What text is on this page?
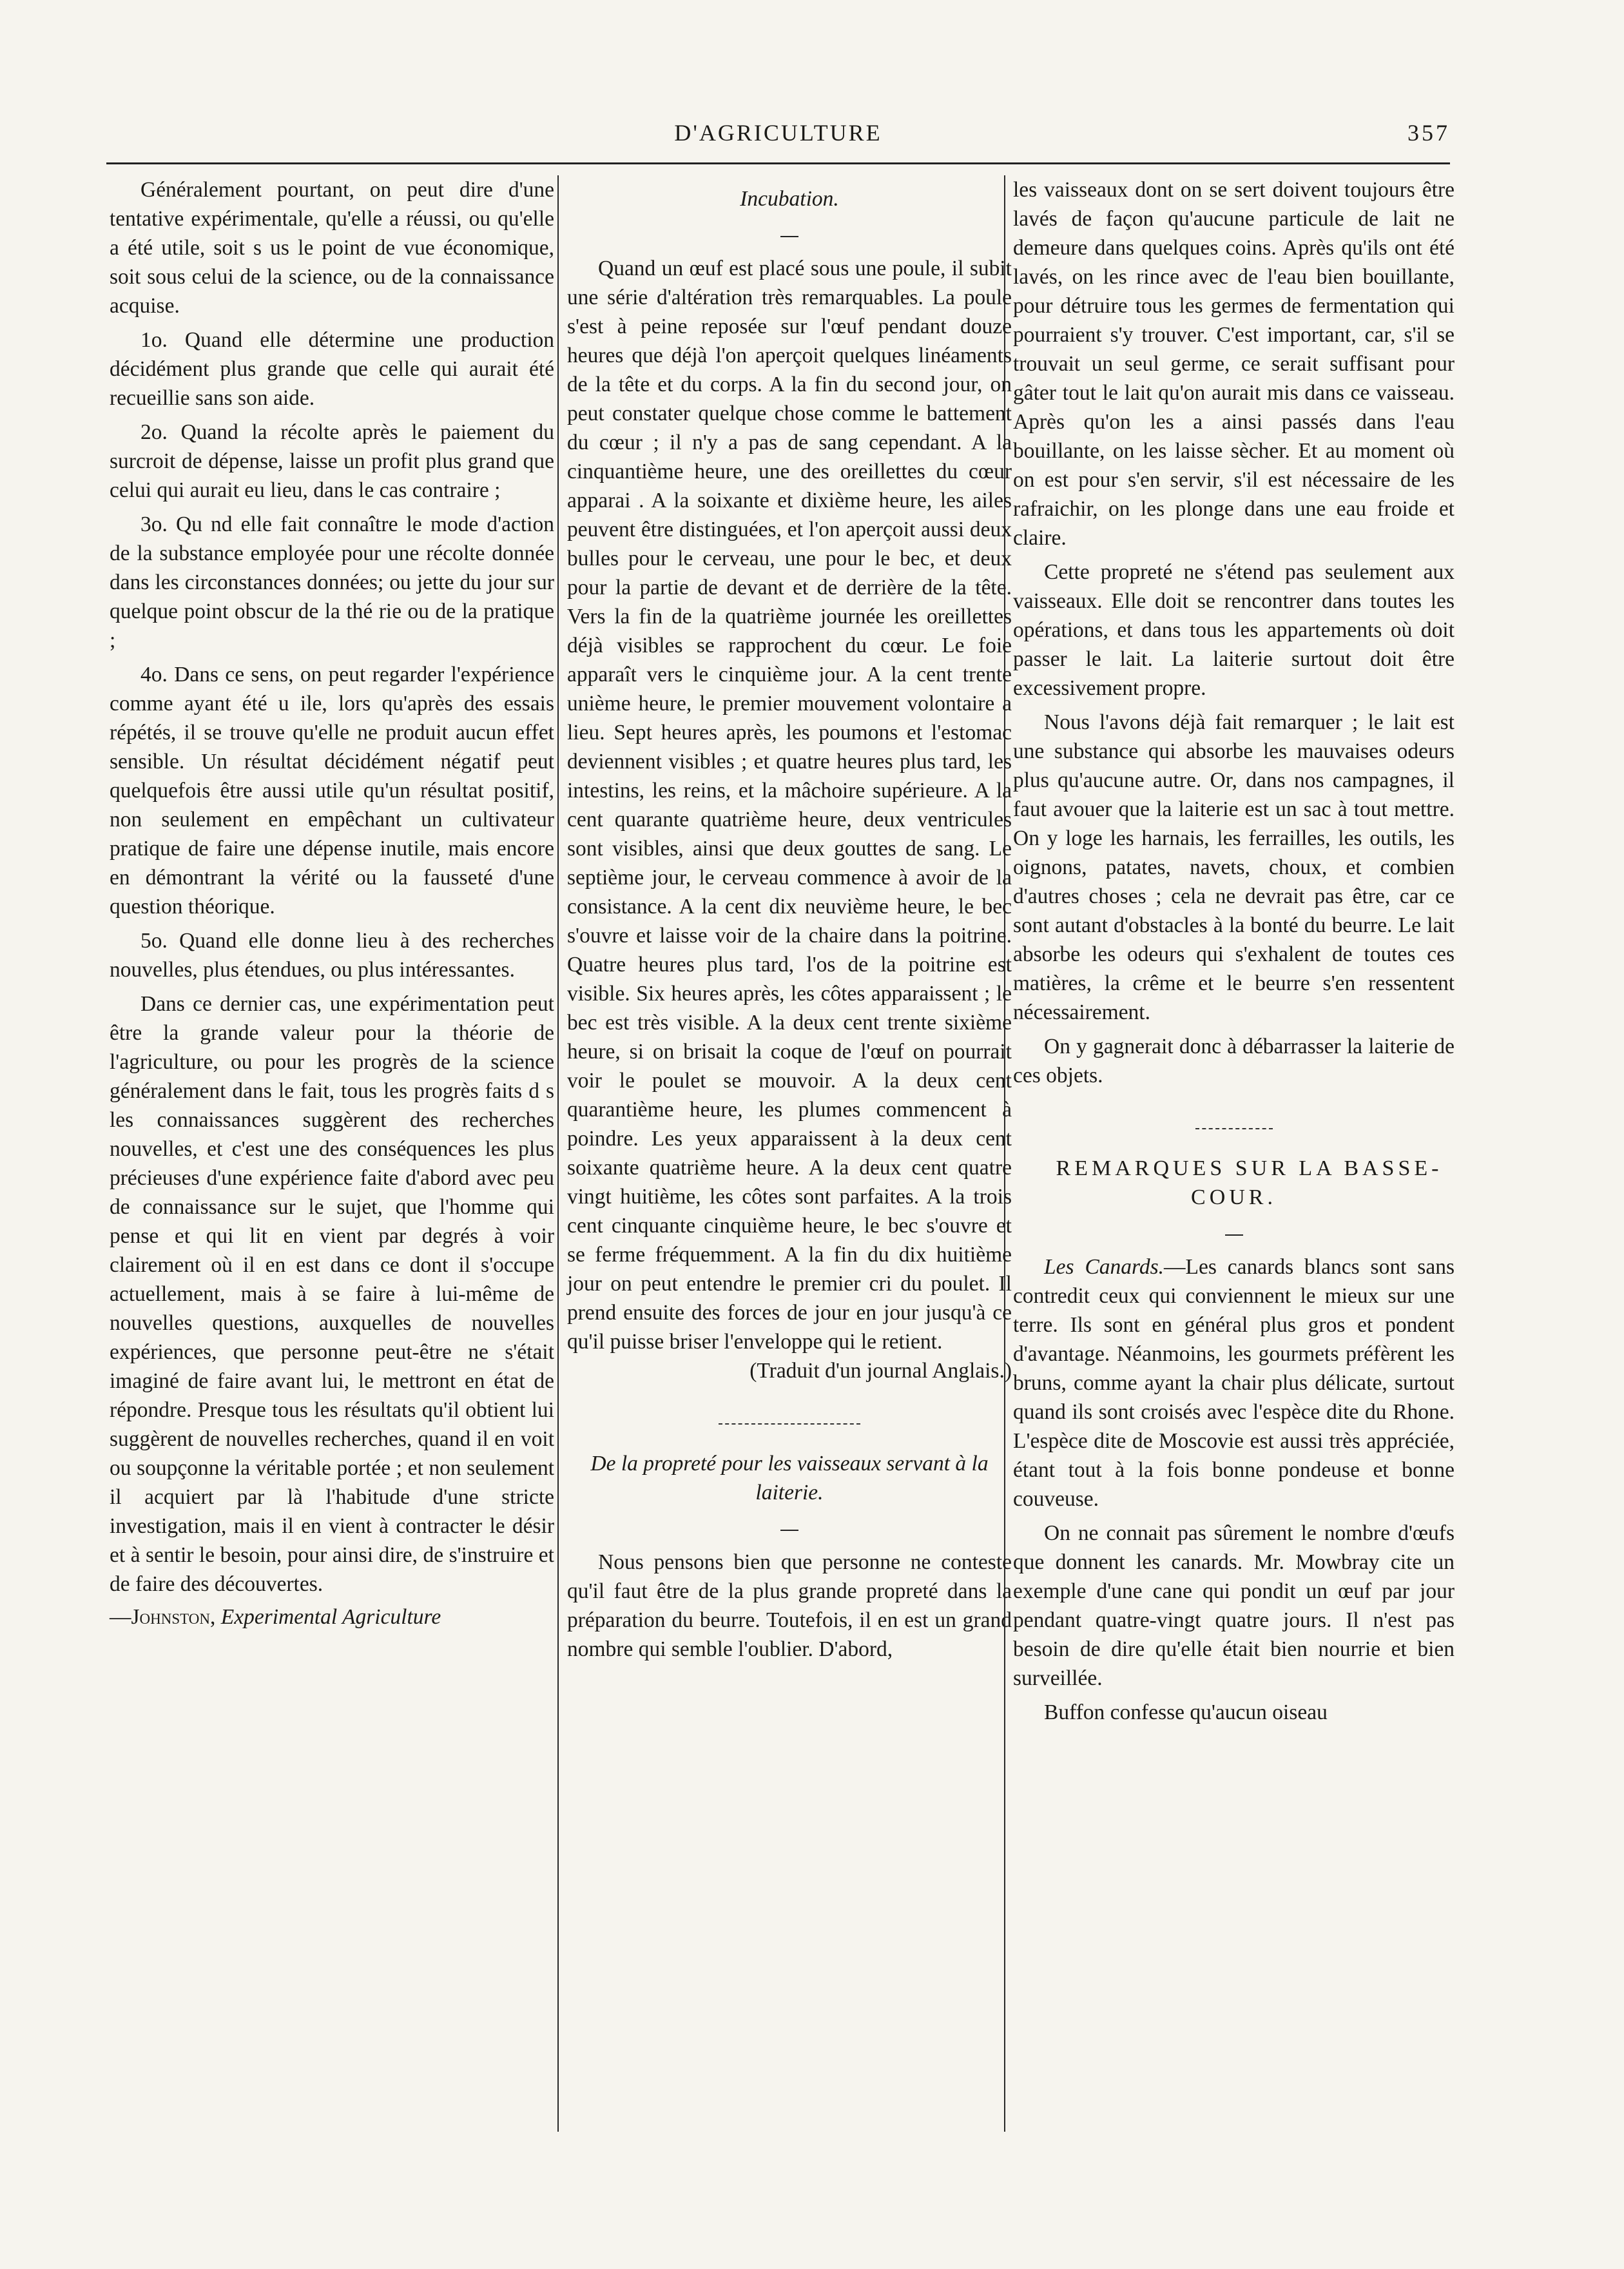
D'AGRICULTURE	357

Généralement pourtant, on peut dire d'une tentative expérimentale, qu'elle a réussi, ou qu'elle a été utile, soit s us le point de vue économique, soit sous celui de la science, ou de la connaissance acquise.

1o. Quand elle détermine une production décidément plus grande que celle qui aurait été recueillie sans son aide.

2o. Quand la récolte après le paiement du surcroit de dépense, laisse un profit plus grand que celui qui aurait eu lieu, dans le cas contraire ;

3o. Qu nd elle fait connaître le mode d'action de la substance employée pour une récolte donnée dans les circonstances données; ou jette du jour sur quelque point obscur de la thé rie ou de la pratique ;

4o. Dans ce sens, on peut regarder l'expérience comme ayant été u ile, lors qu'après des essais répétés, il se trouve qu'elle ne produit aucun effet sensible. Un résultat décidément négatif peut quelquefois être aussi utile qu'un résultat positif, non seulement en empêchant un cultivateur pratique de faire une dépense inutile, mais encore en démontrant la vérité ou la fausseté d'une question théorique.

5o. Quand elle donne lieu à des recherches nouvelles, plus étendues, ou plus intéressantes.

Dans ce dernier cas, une expérimentation peut être la grande valeur pour la théorie de l'agriculture, ou pour les progrès de la science généralement dans le fait, tous les progrès faits d s les connaissances suggèrent des recherches nouvelles, et c'est une des conséquences les plus précieuses d'une expérience faite d'abord avec peu de connaissance sur le sujet, que l'homme qui pense et qui lit en vient par degrés à voir clairement où il en est dans ce dont il s'occupe actuellement, mais à se faire à lui-même de nouvelles questions, auxquelles de nouvelles expériences, que personne peut-être ne s'était imaginé de faire avant lui, le mettront en état de répondre. Presque tous les résultats qu'il obtient lui suggèrent de nouvelles recherches, quand il en voit ou soupçonne la véritable portée ; et non seulement il acquiert par là l'habitude d'une stricte investigation, mais il en vient à contracter le désir et à sentir le besoin, pour ainsi dire, de s'instruire et de faire des découvertes.

—Johnston, Experimental Agriculture

Incubation.

Quand un œuf est placé sous une poule, il subit une série d'altération très remarquables. La poule s'est à peine reposée sur l'œuf pendant douze heures que déjà l'on aperçoit quelques linéaments de la tête et du corps. A la fin du second jour, on peut constater quelque chose comme le battement du cœur ; il n'y a pas de sang cependant. A la cinquantième heure, une des oreillettes du cœur apparai . A la soixante et dixième heure, les ailes peuvent être distinguées, et l'on aperçoit aussi deux bulles pour le cerveau, une pour le bec, et deux pour la partie de devant et de derrière de la tête. Vers la fin de la quatrième journée les oreillettes déjà visibles se rapprochent du cœur. Le foie apparaît vers le cinquième jour. A la cent trente unième heure, le premier mouvement volontaire a lieu. Sept heures après, les poumons et l'estomac deviennent visibles ; et quatre heures plus tard, les intestins, les reins, et la mâchoire supérieure. A la cent quarante quatrième heure, deux ventricules sont visibles, ainsi que deux gouttes de sang. Le septième jour, le cerveau commence à avoir de la consistance. A la cent dix neuvième heure, le bec s'ouvre et laisse voir de la chaire dans la poitrine. Quatre heures plus tard, l'os de la poitrine est visible. Six heures après, les côtes apparaissent ; le bec est très visible. A la deux cent trente sixième heure, si on brisait la coque de l'œuf on pourrait voir le poulet se mouvoir. A la deux cent quarantième heure, les plumes commencent à poindre. Les yeux apparaissent à la deux cent soixante quatrième heure. A la deux cent quatre vingt huitième, les côtes sont parfaites. A la trois cent cinquante cinquième heure, le bec s'ouvre et se ferme fréquemment. A la fin du dix huitième jour on peut entendre le premier cri du poulet. Il prend ensuite des forces de jour en jour jusqu'à ce qu'il puisse briser l'enveloppe qui le retient.

(Traduit d'un journal Anglais.)

De la propreté pour les vaisseaux servant à la laiterie.

Nous pensons bien que personne ne conteste qu'il faut être de la plus grande propreté dans la préparation du beurre. Toutefois, il en est un grand nombre qui semble l'oublier. D'abord,

les vaisseaux dont on se sert doivent toujours être lavés de façon qu'aucune particule de lait ne demeure dans quelques coins. Après qu'ils ont été lavés, on les rince avec de l'eau bien bouillante, pour détruire tous les germes de fermentation qui pourraient s'y trouver. C'est important, car, s'il se trouvait un seul germe, ce serait suffisant pour gâter tout le lait qu'on aurait mis dans ce vaisseau. Après qu'on les a ainsi passés dans l'eau bouillante, on les laisse sècher. Et au moment où on est pour s'en servir, s'il est nécessaire de les rafraichir, on les plonge dans une eau froide et claire.

Cette propreté ne s'étend pas seulement aux vaisseaux. Elle doit se rencontrer dans toutes les opérations, et dans tous les appartements où doit passer le lait. La laiterie surtout doit être excessivement propre.

Nous l'avons déjà fait remarquer ; le lait est une substance qui absorbe les mauvaises odeurs plus qu'aucune autre. Or, dans nos campagnes, il faut avouer que la laiterie est un sac à tout mettre. On y loge les harnais, les ferrailles, les outils, les oignons, patates, navets, choux, et combien d'autres choses ; cela ne devrait pas être, car ce sont autant d'obstacles à la bonté du beurre. Le lait absorbe les odeurs qui s'exhalent de toutes ces matières, la crême et le beurre s'en ressentent nécessairement.

On y gagnerait donc à débarrasser la laiterie de ces objets.

REMARQUES SUR LA BASSE-COUR.

Les Canards.—Les canards blancs sont sans contredit ceux qui conviennent le mieux sur une terre. Ils sont en général plus gros et pondent d'avantage. Néanmoins, les gourmets préfèrent les bruns, comme ayant la chair plus délicate, surtout quand ils sont croisés avec l'espèce dite du Rhone. L'espèce dite de Moscovie est aussi très appréciée, étant tout à la fois bonne pondeuse et bonne couveuse.

On ne connait pas sûrement le nombre d'œufs que donnent les canards. Mr. Mowbray cite un exemple d'une cane qui pondit un œuf par jour pendant quatre-vingt quatre jours. Il n'est pas besoin de dire qu'elle était bien nourrie et bien surveillée.

Buffon confesse qu'aucun oiseau
